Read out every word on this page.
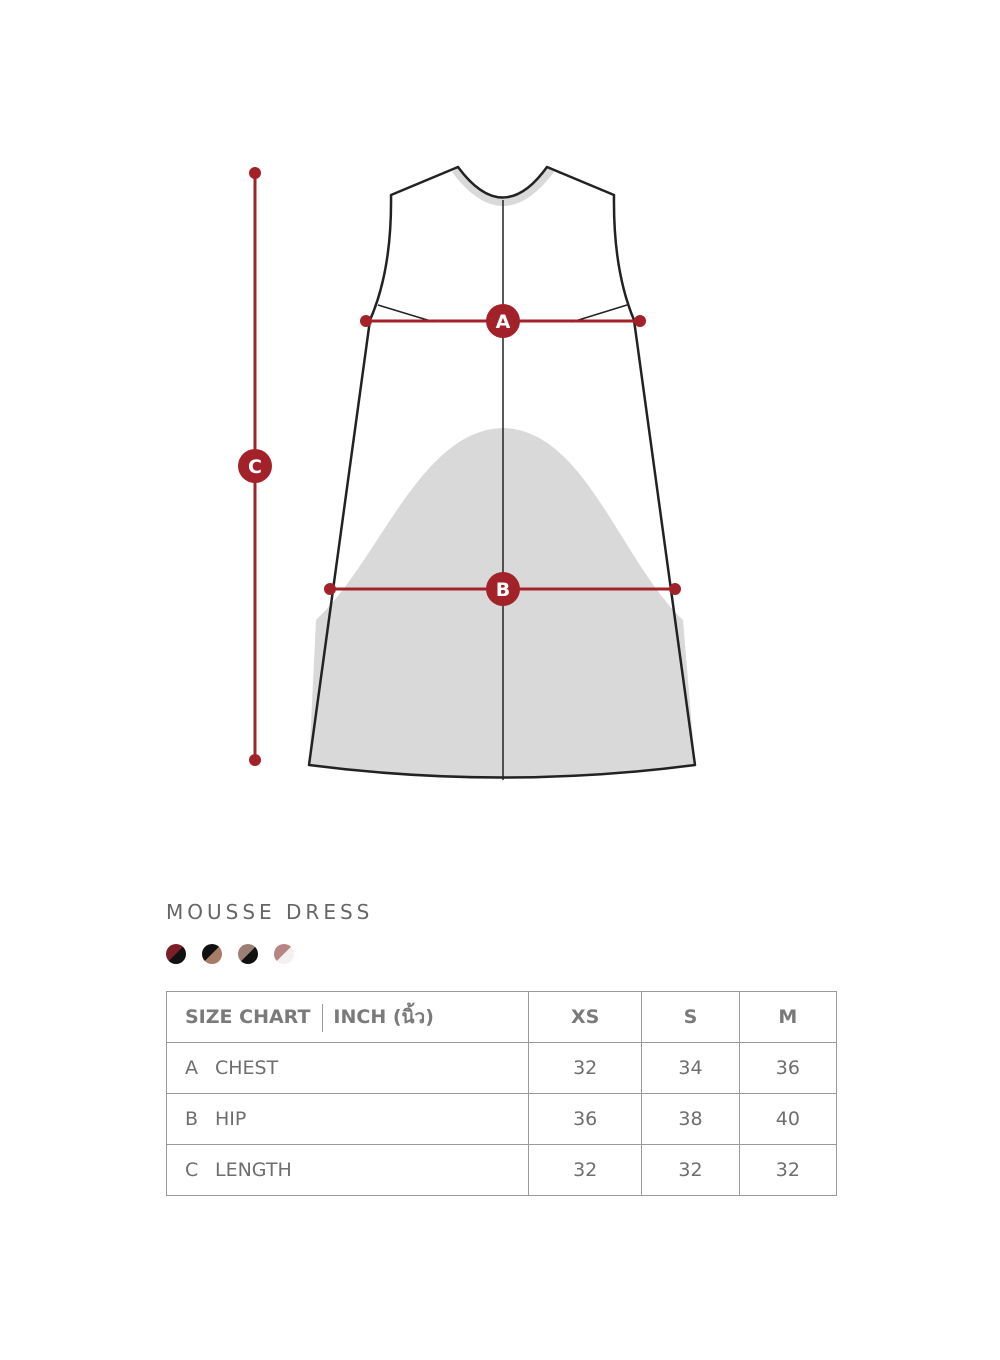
A
B
C
MOUSSE DRESS
SIZE CHART INCH (นิ้ว)	XS	S	M
A CHEST	32	34	36
B HIP	36	38	40
C LENGTH	32	32	32
